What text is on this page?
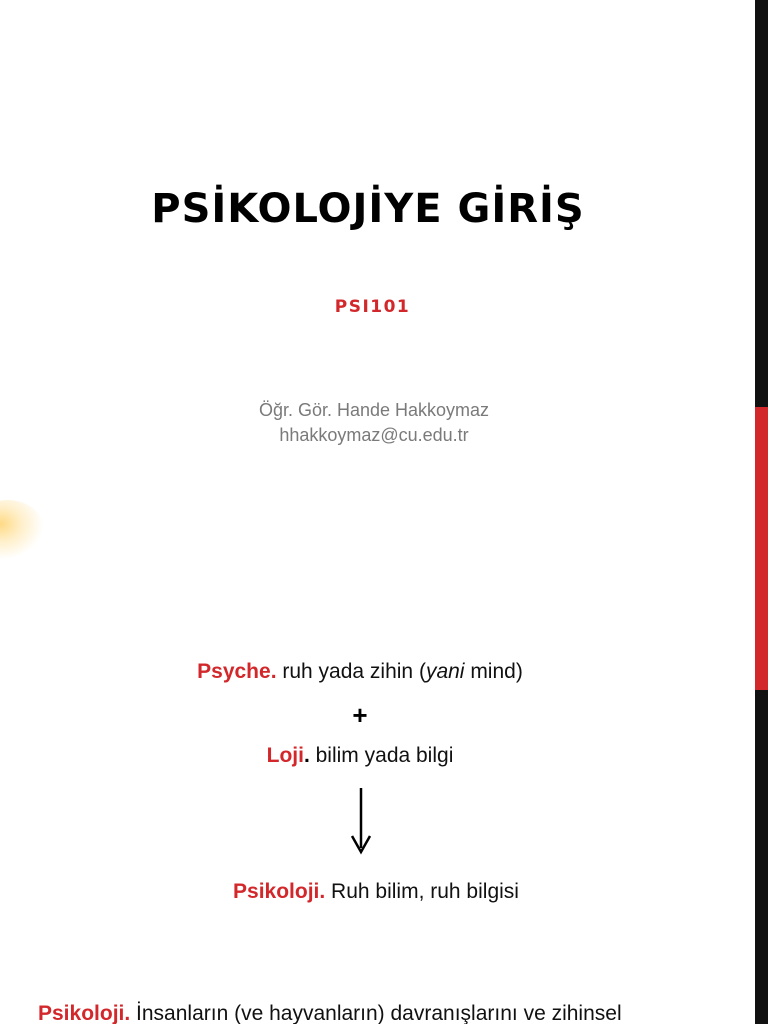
PSİKOLOJİYE GİRİŞ
PSI101
Öğr. Gör. Hande Hakkoymaz
hhakkoymaz@cu.edu.tr
Psyche. ruh yada zihin (yani mind)
+
Loji. bilim yada bilgi
Psikoloji. Ruh bilim, ruh bilgisi
Psikoloji. İnsanların (ve hayvanların) davranışlarını ve zihinsel
